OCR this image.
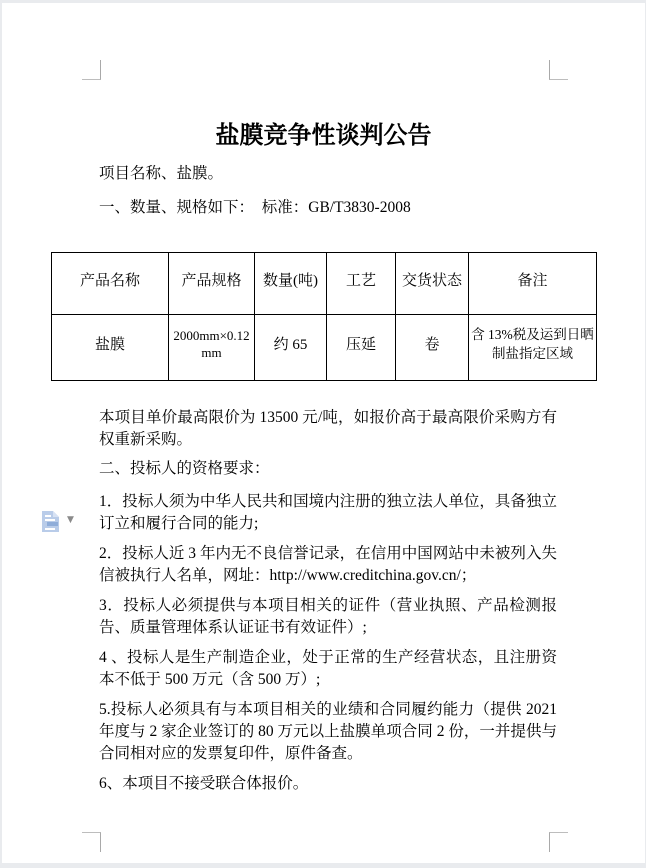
盐膜竞争性谈判公告

项目名称、盐膜。

一、数量、规格如下：　标准：GB/T3830-2008

产品名称	产品规格	数量(吨)	工艺	交货状态	备注
盐膜	2000mm×0.12mm	约 65	压延	卷	含 13%税及运到日晒制盐指定区域

本项目单价最高限价为 13500 元/吨，如报价高于最高限价采购方有权重新采购。

二、投标人的资格要求：

1．投标人须为中华人民共和国境内注册的独立法人单位，具备独立订立和履行合同的能力;

2．投标人近 3 年内无不良信誉记录，在信用中国网站中未被列入失信被执行人名单，网址：http://www.creditchina.gov.cn/；

3．投标人必须提供与本项目相关的证件（营业执照、产品检测报告、质量管理体系认证证书有效证件）;

4 、投标人是生产制造企业，处于正常的生产经营状态，且注册资本不低于 500 万元（含 500 万）;

5.投标人必须具有与本项目相关的业绩和合同履约能力（提供 2021 年度与 2 家企业签订的 80 万元以上盐膜单项合同 2 份，一并提供与合同相对应的发票复印件，原件备查。

6、本项目不接受联合体报价。

▼
